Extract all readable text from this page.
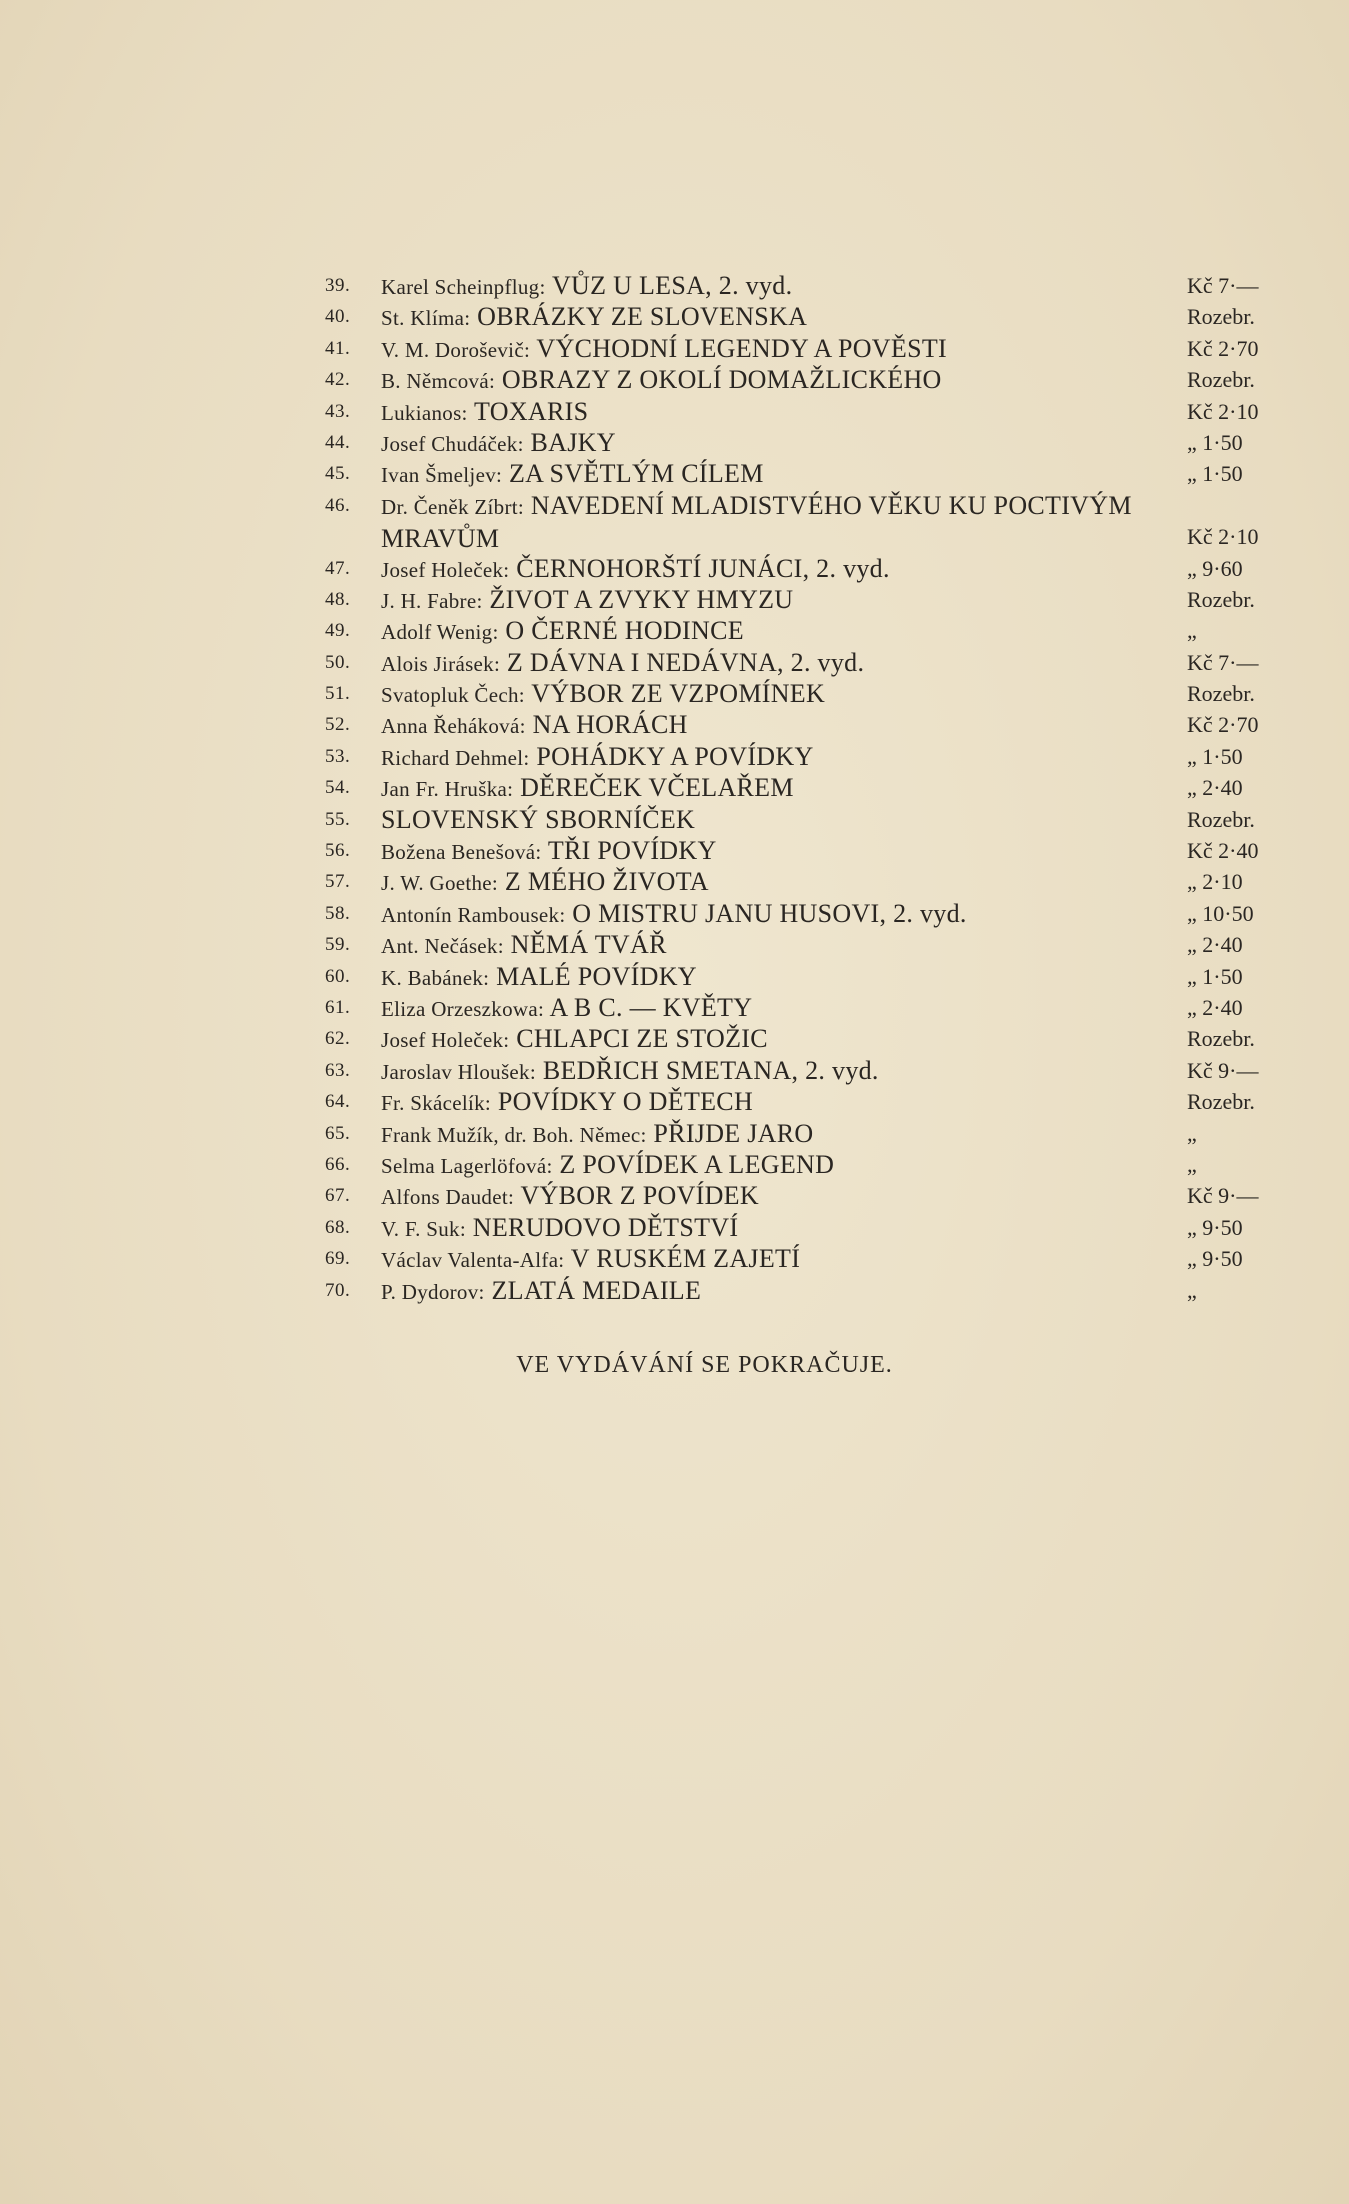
39.	Karel Scheinpflug: VŮZ U LESA, 2. vyd.	Kč 7·—
40.	St. Klíma: OBRÁZKY ZE SLOVENSKA	Rozebr.
41.	V. M. Doroševič: VÝCHODNÍ LEGENDY A POVĚSTI	Kč 2·70
42.	B. Němcová: OBRAZY Z OKOLÍ DOMAŽLICKÉHO	Rozebr.
43.	Lukianos: TOXARIS	Kč 2·10
44.	Josef Chudáček: BAJKY	„ 1·50
45.	Ivan Šmeljev: ZA SVĚTLÝM CÍLEM	„ 1·50
46.	Dr. Čeněk Zíbrt: NAVEDENÍ MLADISTVÉHO VĚKU KU POCTIVÝM MRAVŮM	Kč 2·10
47.	Josef Holeček: ČERNOHORŠTÍ JUNÁCI, 2. vyd.	„ 9·60
48.	J. H. Fabre: ŽIVOT A ZVYKY HMYZU	Rozebr.
49.	Adolf Wenig: O ČERNÉ HODINCE	„
50.	Alois Jirásek: Z DÁVNA I NEDÁVNA, 2. vyd.	Kč 7·—
51.	Svatopluk Čech: VÝBOR ZE VZPOMÍNEK	Rozebr.
52.	Anna Řeháková: NA HORÁCH	Kč 2·70
53.	Richard Dehmel: POHÁDKY A POVÍDKY	„ 1·50
54.	Jan Fr. Hruška: DĚREČEK VČELAŘEM	„ 2·40
55.	SLOVENSKÝ SBORNÍČEK	Rozebr.
56.	Božena Benešová: TŘI POVÍDKY	Kč 2·40
57.	J. W. Goethe: Z MÉHO ŽIVOTA	„ 2·10
58.	Antonín Rambousek: O MISTRU JANU HUSOVI, 2. vyd.	„ 10·50
59.	Ant. Nečásek: NĚMÁ TVÁŘ	„ 2·40
60.	K. Babánek: MALÉ POVÍDKY	„ 1·50
61.	Eliza Orzeszkowa: A B C. — KVĚTY	„ 2·40
62.	Josef Holeček: CHLAPCI ZE STOŽIC	Rozebr.
63.	Jaroslav Hloušek: BEDŘICH SMETANA, 2. vyd.	Kč 9·—
64.	Fr. Skácelík: POVÍDKY O DĚTECH	Rozebr.
65.	Frank Mužík, dr. Boh. Němec: PŘIJDE JARO	„
66.	Selma Lagerlöfová: Z POVÍDEK A LEGEND	„
67.	Alfons Daudet: VÝBOR Z POVÍDEK	Kč 9·—
68.	V. F. Suk: NERUDOVO DĚTSTVÍ	„ 9·50
69.	Václav Valenta-Alfa: V RUSKÉM ZAJETÍ	„ 9·50
70.	P. Dydorov: ZLATÁ MEDAILE	„
VE VYDÁVÁNÍ SE POKRAČUJE.
